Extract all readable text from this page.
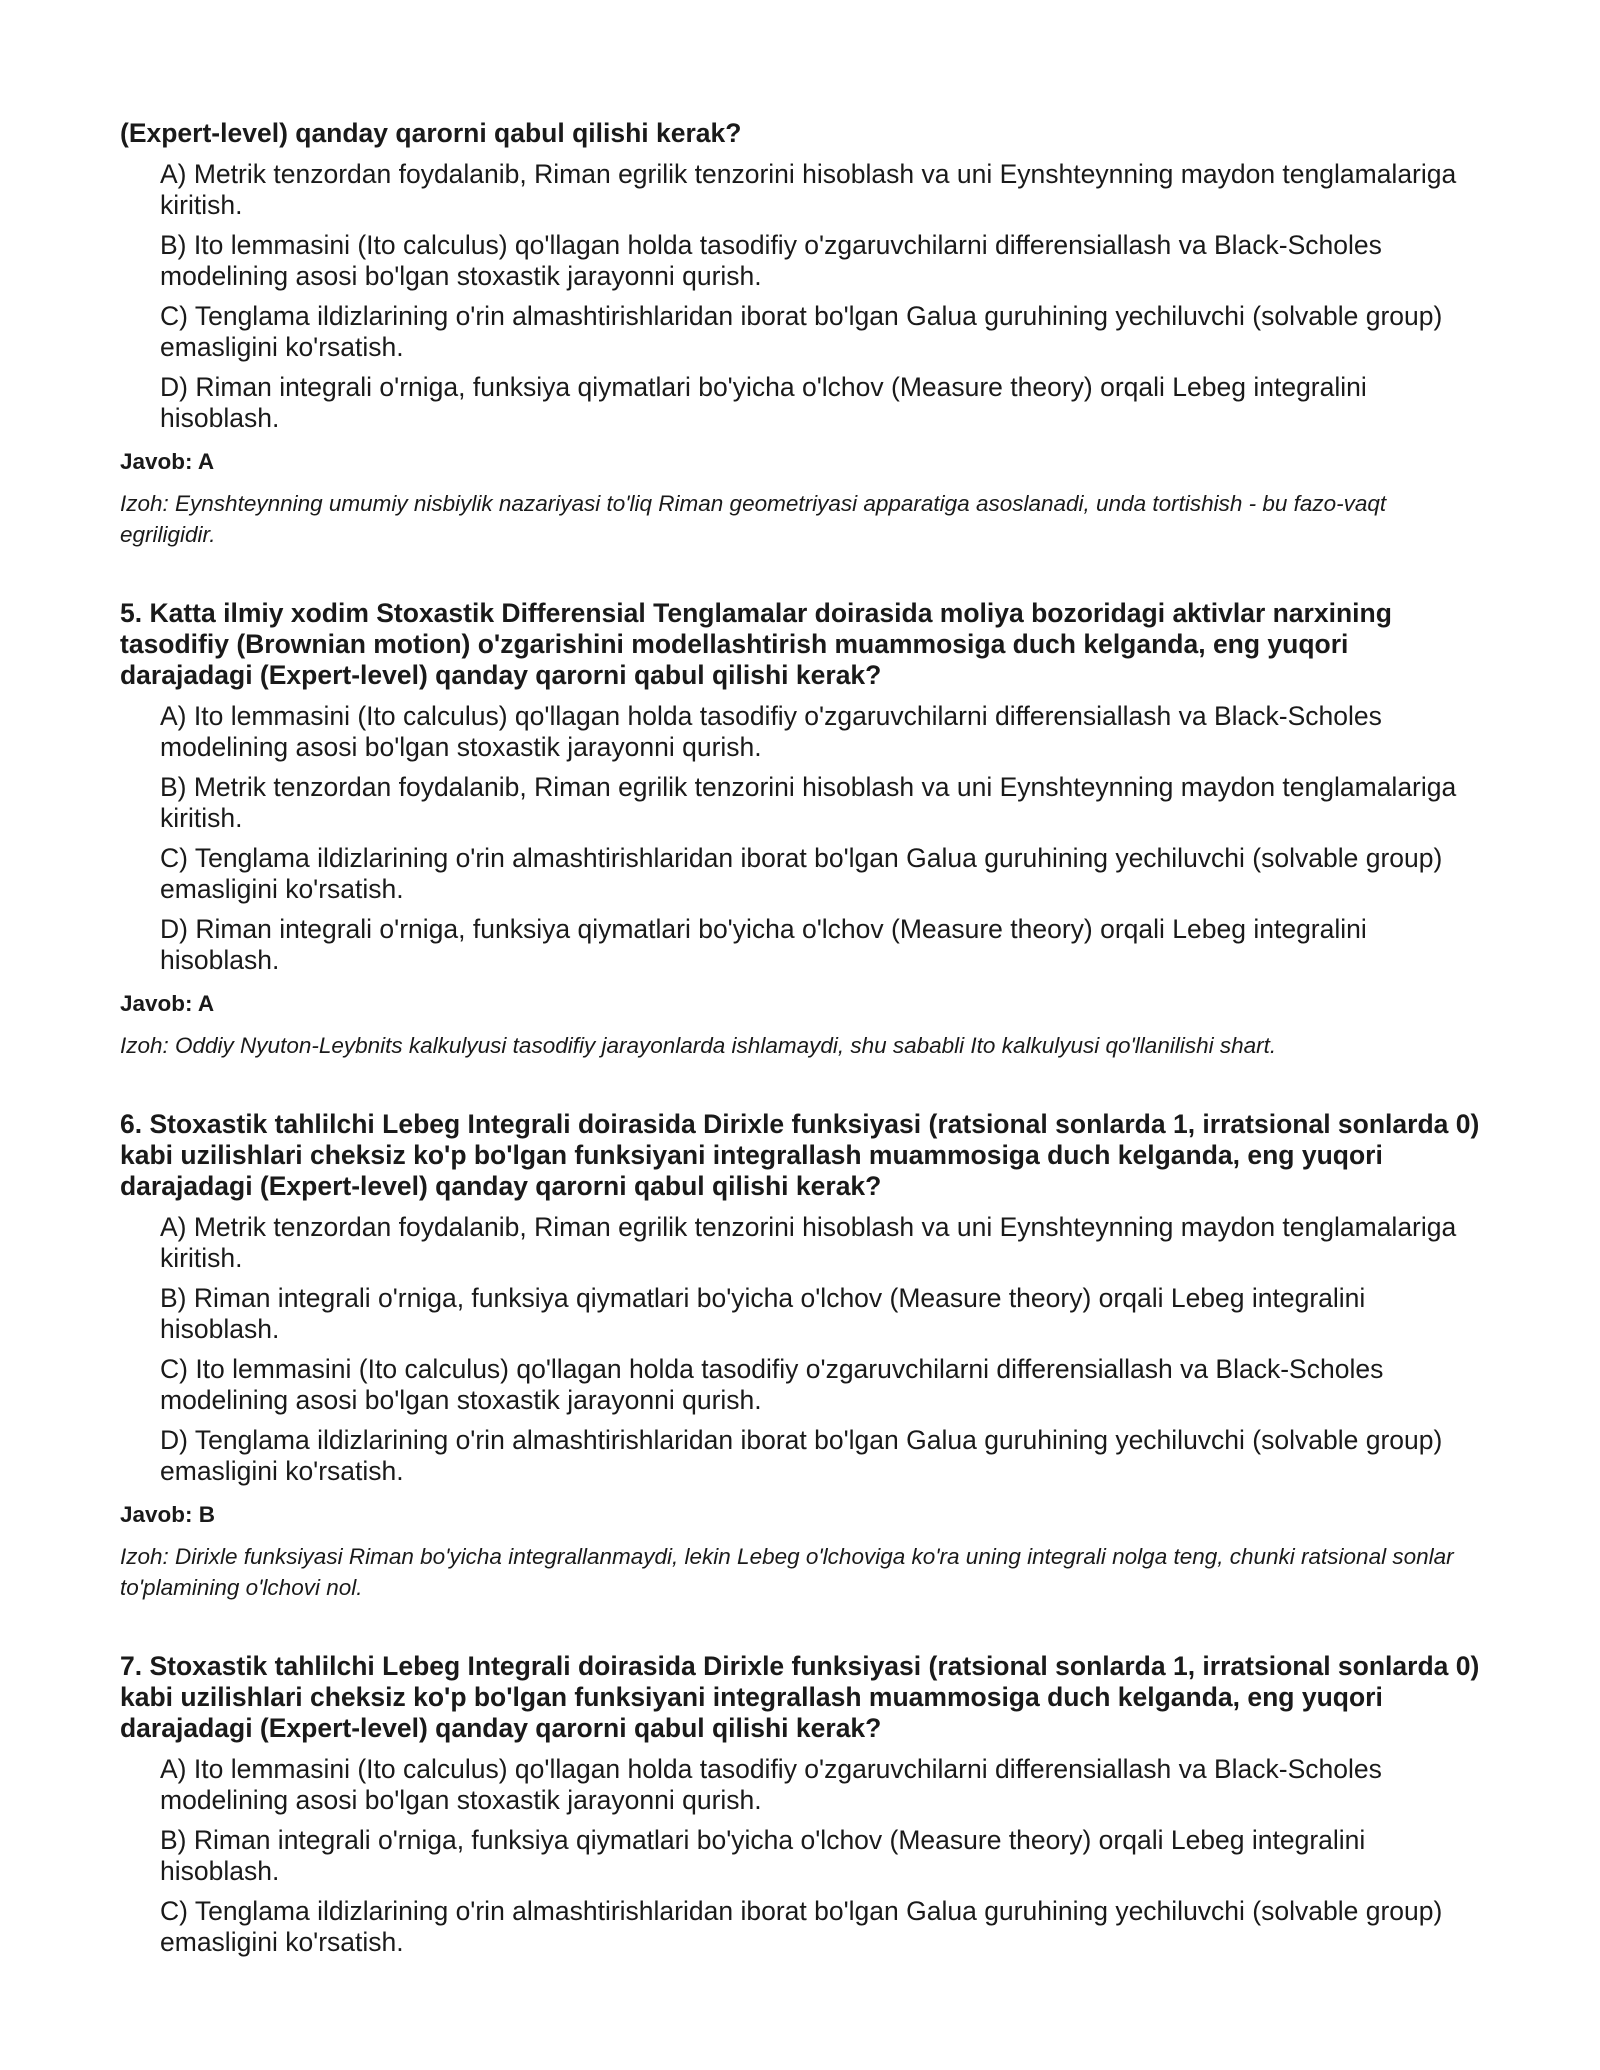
(Expert-level) qanday qarorni qabul qilishi kerak?

A) Metrik tenzordan foydalanib, Riman egrilik tenzorini hisoblash va uni Eynshteynning maydon tenglamalariga kiritish.
B) Ito lemmasini (Ito calculus) qo'llagan holda tasodifiy o'zgaruvchilarni differensiallash va Black-Scholes modelining asosi bo'lgan stoxastik jarayonni qurish.
C) Tenglama ildizlarining o'rin almashtirishlaridan iborat bo'lgan Galua guruhining yechiluvchi (solvable group) emasligini ko'rsatish.
D) Riman integrali o'rniga, funksiya qiymatlari bo'yicha o'lchov (Measure theory) orqali Lebeg integralini hisoblash.

Javob: A

Izoh: Eynshteynning umumiy nisbiylik nazariyasi to'liq Riman geometriyasi apparatiga asoslanadi, unda tortishish - bu fazo-vaqt egriligidir.

5. Katta ilmiy xodim Stoxastik Differensial Tenglamalar doirasida moliya bozoridagi aktivlar narxining tasodifiy (Brownian motion) o'zgarishini modellashtirish muammosiga duch kelganda, eng yuqori darajadagi (Expert-level) qanday qarorni qabul qilishi kerak?

A) Ito lemmasini (Ito calculus) qo'llagan holda tasodifiy o'zgaruvchilarni differensiallash va Black-Scholes modelining asosi bo'lgan stoxastik jarayonni qurish.
B) Metrik tenzordan foydalanib, Riman egrilik tenzorini hisoblash va uni Eynshteynning maydon tenglamalariga kiritish.
C) Tenglama ildizlarining o'rin almashtirishlaridan iborat bo'lgan Galua guruhining yechiluvchi (solvable group) emasligini ko'rsatish.
D) Riman integrali o'rniga, funksiya qiymatlari bo'yicha o'lchov (Measure theory) orqali Lebeg integralini hisoblash.

Javob: A

Izoh: Oddiy Nyuton-Leybnits kalkulyusi tasodifiy jarayonlarda ishlamaydi, shu sababli Ito kalkulyusi qo'llanilishi shart.

6. Stoxastik tahlilchi Lebeg Integrali doirasida Dirixle funksiyasi (ratsional sonlarda 1, irratsional sonlarda 0) kabi uzilishlari cheksiz ko'p bo'lgan funksiyani integrallash muammosiga duch kelganda, eng yuqori darajadagi (Expert-level) qanday qarorni qabul qilishi kerak?

A) Metrik tenzordan foydalanib, Riman egrilik tenzorini hisoblash va uni Eynshteynning maydon tenglamalariga kiritish.
B) Riman integrali o'rniga, funksiya qiymatlari bo'yicha o'lchov (Measure theory) orqali Lebeg integralini hisoblash.
C) Ito lemmasini (Ito calculus) qo'llagan holda tasodifiy o'zgaruvchilarni differensiallash va Black-Scholes modelining asosi bo'lgan stoxastik jarayonni qurish.
D) Tenglama ildizlarining o'rin almashtirishlaridan iborat bo'lgan Galua guruhining yechiluvchi (solvable group) emasligini ko'rsatish.

Javob: B

Izoh: Dirixle funksiyasi Riman bo'yicha integrallanmaydi, lekin Lebeg o'lchoviga ko'ra uning integrali nolga teng, chunki ratsional sonlar to'plamining o'lchovi nol.

7. Stoxastik tahlilchi Lebeg Integrali doirasida Dirixle funksiyasi (ratsional sonlarda 1, irratsional sonlarda 0) kabi uzilishlari cheksiz ko'p bo'lgan funksiyani integrallash muammosiga duch kelganda, eng yuqori darajadagi (Expert-level) qanday qarorni qabul qilishi kerak?

A) Ito lemmasini (Ito calculus) qo'llagan holda tasodifiy o'zgaruvchilarni differensiallash va Black-Scholes modelining asosi bo'lgan stoxastik jarayonni qurish.
B) Riman integrali o'rniga, funksiya qiymatlari bo'yicha o'lchov (Measure theory) orqali Lebeg integralini hisoblash.
C) Tenglama ildizlarining o'rin almashtirishlaridan iborat bo'lgan Galua guruhining yechiluvchi (solvable group) emasligini ko'rsatish.
